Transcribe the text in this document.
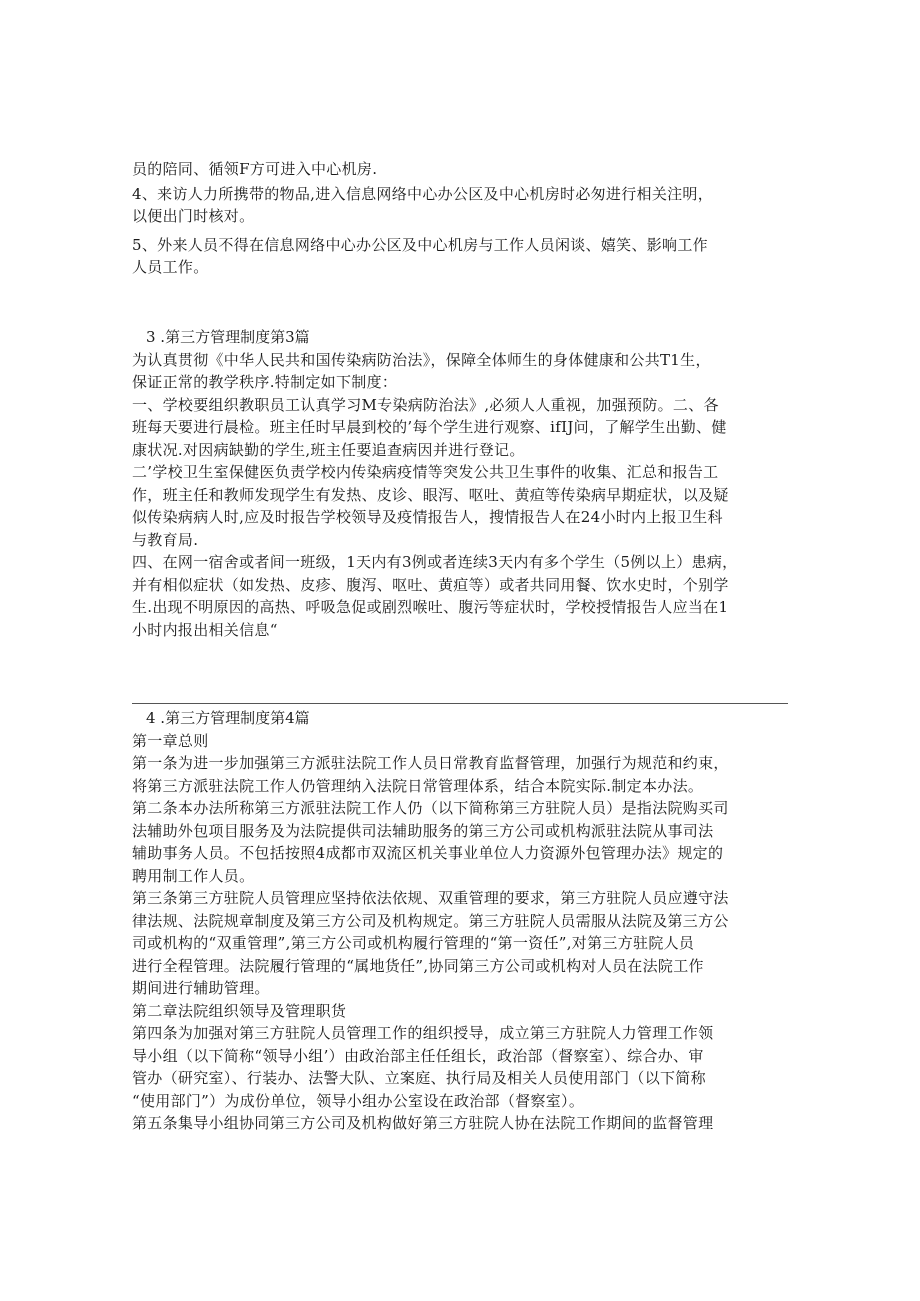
员的陪同、循领F方可进入中心机房.
4、来访人力所携带的物品,进入信息网络中心办公区及中心机房时必匆进行相关注明，
以便出门时核对。
5、外来人员不得在信息网络中心办公区及中心机房与工作人员闲谈、嬉笑、影响工作
人员工作。
3 .第三方管理制度第3篇
为认真贯彻《中华人民共和国传染病防治法》，保障全体师生的身体健康和公共T1生，
保证正常的教学秩序.特制定如下制度：
一、学校要组织教职员工认真学习M专染病防治法》,必须人人重视，加强预防。二、各
班每天要进行晨检。班主任时早晨到校的’每个学生进行观察、ifIJ问，了解学生出勤、健
康状况.对因病缺勤的学生,班主任要追查病因并进行登记。
二’学校卫生室保健医负责学校内传染病疫情等突发公共卫生事件的收集、汇总和报告工
作，班主任和教师发现学生有发热、皮诊、眼泻、呕吐、黄疸等传染病早期症状，以及疑
似传染病病人时,应及时报告学校领导及疫情报告人，搜情报告人在24小时内上报卫生科
与教育局.
四、在网一宿舍或者间一班级，1天内有3例或者连续3天内有多个学生（5例以上）患病，
并有相似症状（如发热、皮疹、腹泻、呕吐、黄疸等）或者共同用餐、饮水史时，个别学
生.出现不明原因的高热、呼吸急促或剧烈喉吐、腹污等症状时，学校授情报告人应当在1
小时内报出相关信息“
4 .第三方管理制度第4篇
第一章总则
第一条为进一步加强第三方派驻法院工作人员日常教育监督管理，加强行为规范和约束，
将第三方派驻法院工作人仍管理纳入法院日常管理体系，结合本院实际.制定本办法。
第二条本办法所称第三方派驻法院工作人仍（以下简称第三方驻院人员）是指法院购买司
法辅助外包项目服务及为法院提供司法辅助服务的第三方公司或机构派驻法院从事司法
辅助事务人员。不包括按照4成都市双流区机关事业单位人力资源外包管理办法》规定的
聘用制工作人员。
第三条第三方驻院人员管理应坚持依法依规、双重管理的要求，第三方驻院人员应遵守法
律法规、法院规章制度及第三方公司及机构规定。第三方驻院人员需服从法院及第三方公
司或机构的“双重管理”,第三方公司或机构履行管理的“第一资任”,对第三方驻院人员
进行全程管理。法院履行管理的“属地货任”,协同第三方公司或机构对人员在法院工作
期间进行辅助管理。
第二章法院组织领导及管理职货
第四条为加强对第三方驻院人员管理工作的组织授导，成立第三方驻院人力管理工作领
导小组（以下简称“领导小组’）由政治部主任任组长，政治部（督察室）、综合办、审
管办（研究室）、行装办、法警大队、立案庭、执行局及相关人员使用部门（以下简称
“使用部门”）为成份单位，领导小组办公室设在政治部（督察室）。
第五条集导小组协同第三方公司及机构做好第三方驻院人协在法院工作期间的监督管理
